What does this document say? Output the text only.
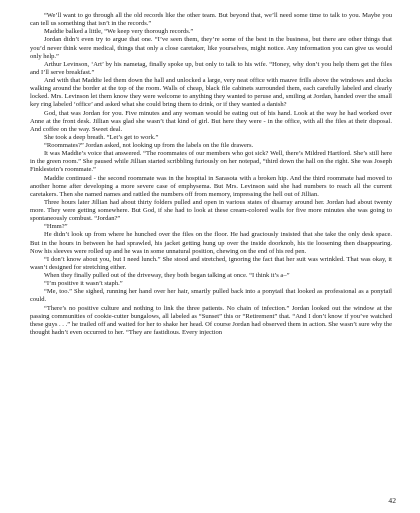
“We’ll want to go through all the old records like the other team. But beyond that, we’ll need some time to talk to you. Maybe you can tell us something that isn’t in the records.”

Maddie balked a little, “We keep very thorough records.”

Jordan didn’t even try to argue that one. “I’ve seen them, they’re some of the best in the business, but there are other things that you’d never think were medical, things that only a close caretaker, like yourselves, might notice. Any information you can give us would only help.”

Arthur Levinson, ‘Art’ by his nametag, finally spoke up, but only to talk to his wife. “Honey, why don’t you help them get the files and I’ll serve breakfast.”

And with that Maddie led them down the hall and unlocked a large, very neat office with mauve frills above the windows and ducks walking around the border at the top of the room. Walls of cheap, black file cabinets surrounded them, each carefully labeled and clearly locked. Mrs. Levinson let them know they were welcome to anything they wanted to peruse and, smiling at Jordan, handed over the small key ring labeled ‘office’ and asked what she could bring them to drink, or if they wanted a danish?

God, that was Jordan for you. Five minutes and any woman would be eating out of his hand. Look at the way he had worked over Anne at the front desk. Jillian was glad she wasn’t that kind of girl. But here they were - in the office, with all the files at their disposal. And coffee on the way. Sweet deal.

She took a deep breath. “Let’s get to work.”

“Roommates?” Jordan asked, not looking up from the labels on the file drawers.

It was Maddie’s voice that answered. “The roommates of our members who got sick? Well, there’s Mildred Hartford. She’s still here in the green room.” She paused while Jillian started scribbling furiously on her notepad, “third down the hall on the right. She was Joseph Finklestein’s roommate.”

Maddie continued - the second roommate was in the hospital in Sarasota with a broken hip. And the third roommate had moved to another home after developing a more severe case of emphysema. But Mrs. Levinson said she had numbers to reach all the current caretakers. Then she named names and rattled the numbers off from memory, impressing the hell out of Jillian.

Three hours later Jillian had about thirty folders pulled and open in various states of disarray around her. Jordan had about twenty more. They were getting somewhere. But God, if she had to look at these cream-colored walls for five more minutes she was going to spontaneously combust. “Jordan?”

“Hmm?”

He didn’t look up from where he hunched over the files on the floor. He had graciously insisted that she take the only desk space. But in the hours in between he had sprawled, his jacket getting hung up over the inside doorknob, his tie loosening then disappearing. Now his sleeves were rolled up and he was in some unnatural position, chewing on the end of his red pen.

“I don’t know about you, but I need lunch.” She stood and stretched, ignoring the fact that her suit was wrinkled. That was okay, it wasn’t designed for stretching either.

When they finally pulled out of the driveway, they both began talking at once. “I think it’s a–”

“I’m positive it wasn’t staph.”

“Me, too.” She sighed, running her hand over her hair, smartly pulled back into a ponytail that looked as professional as a ponytail could.

“There’s no positive culture and nothing to link the three patients. No chain of infection.” Jordan looked out the window at the passing communities of cookie-cutter bungalows, all labeled as “Sunset” this or “Retirement” that. “And I don’t know if you’ve watched these guys . . .” he trailed off and waited for her to shake her head. Of course Jordan had observed them in action. She wasn’t sure why the thought hadn’t even occurred to her. “They are fastidious. Every injection

42
